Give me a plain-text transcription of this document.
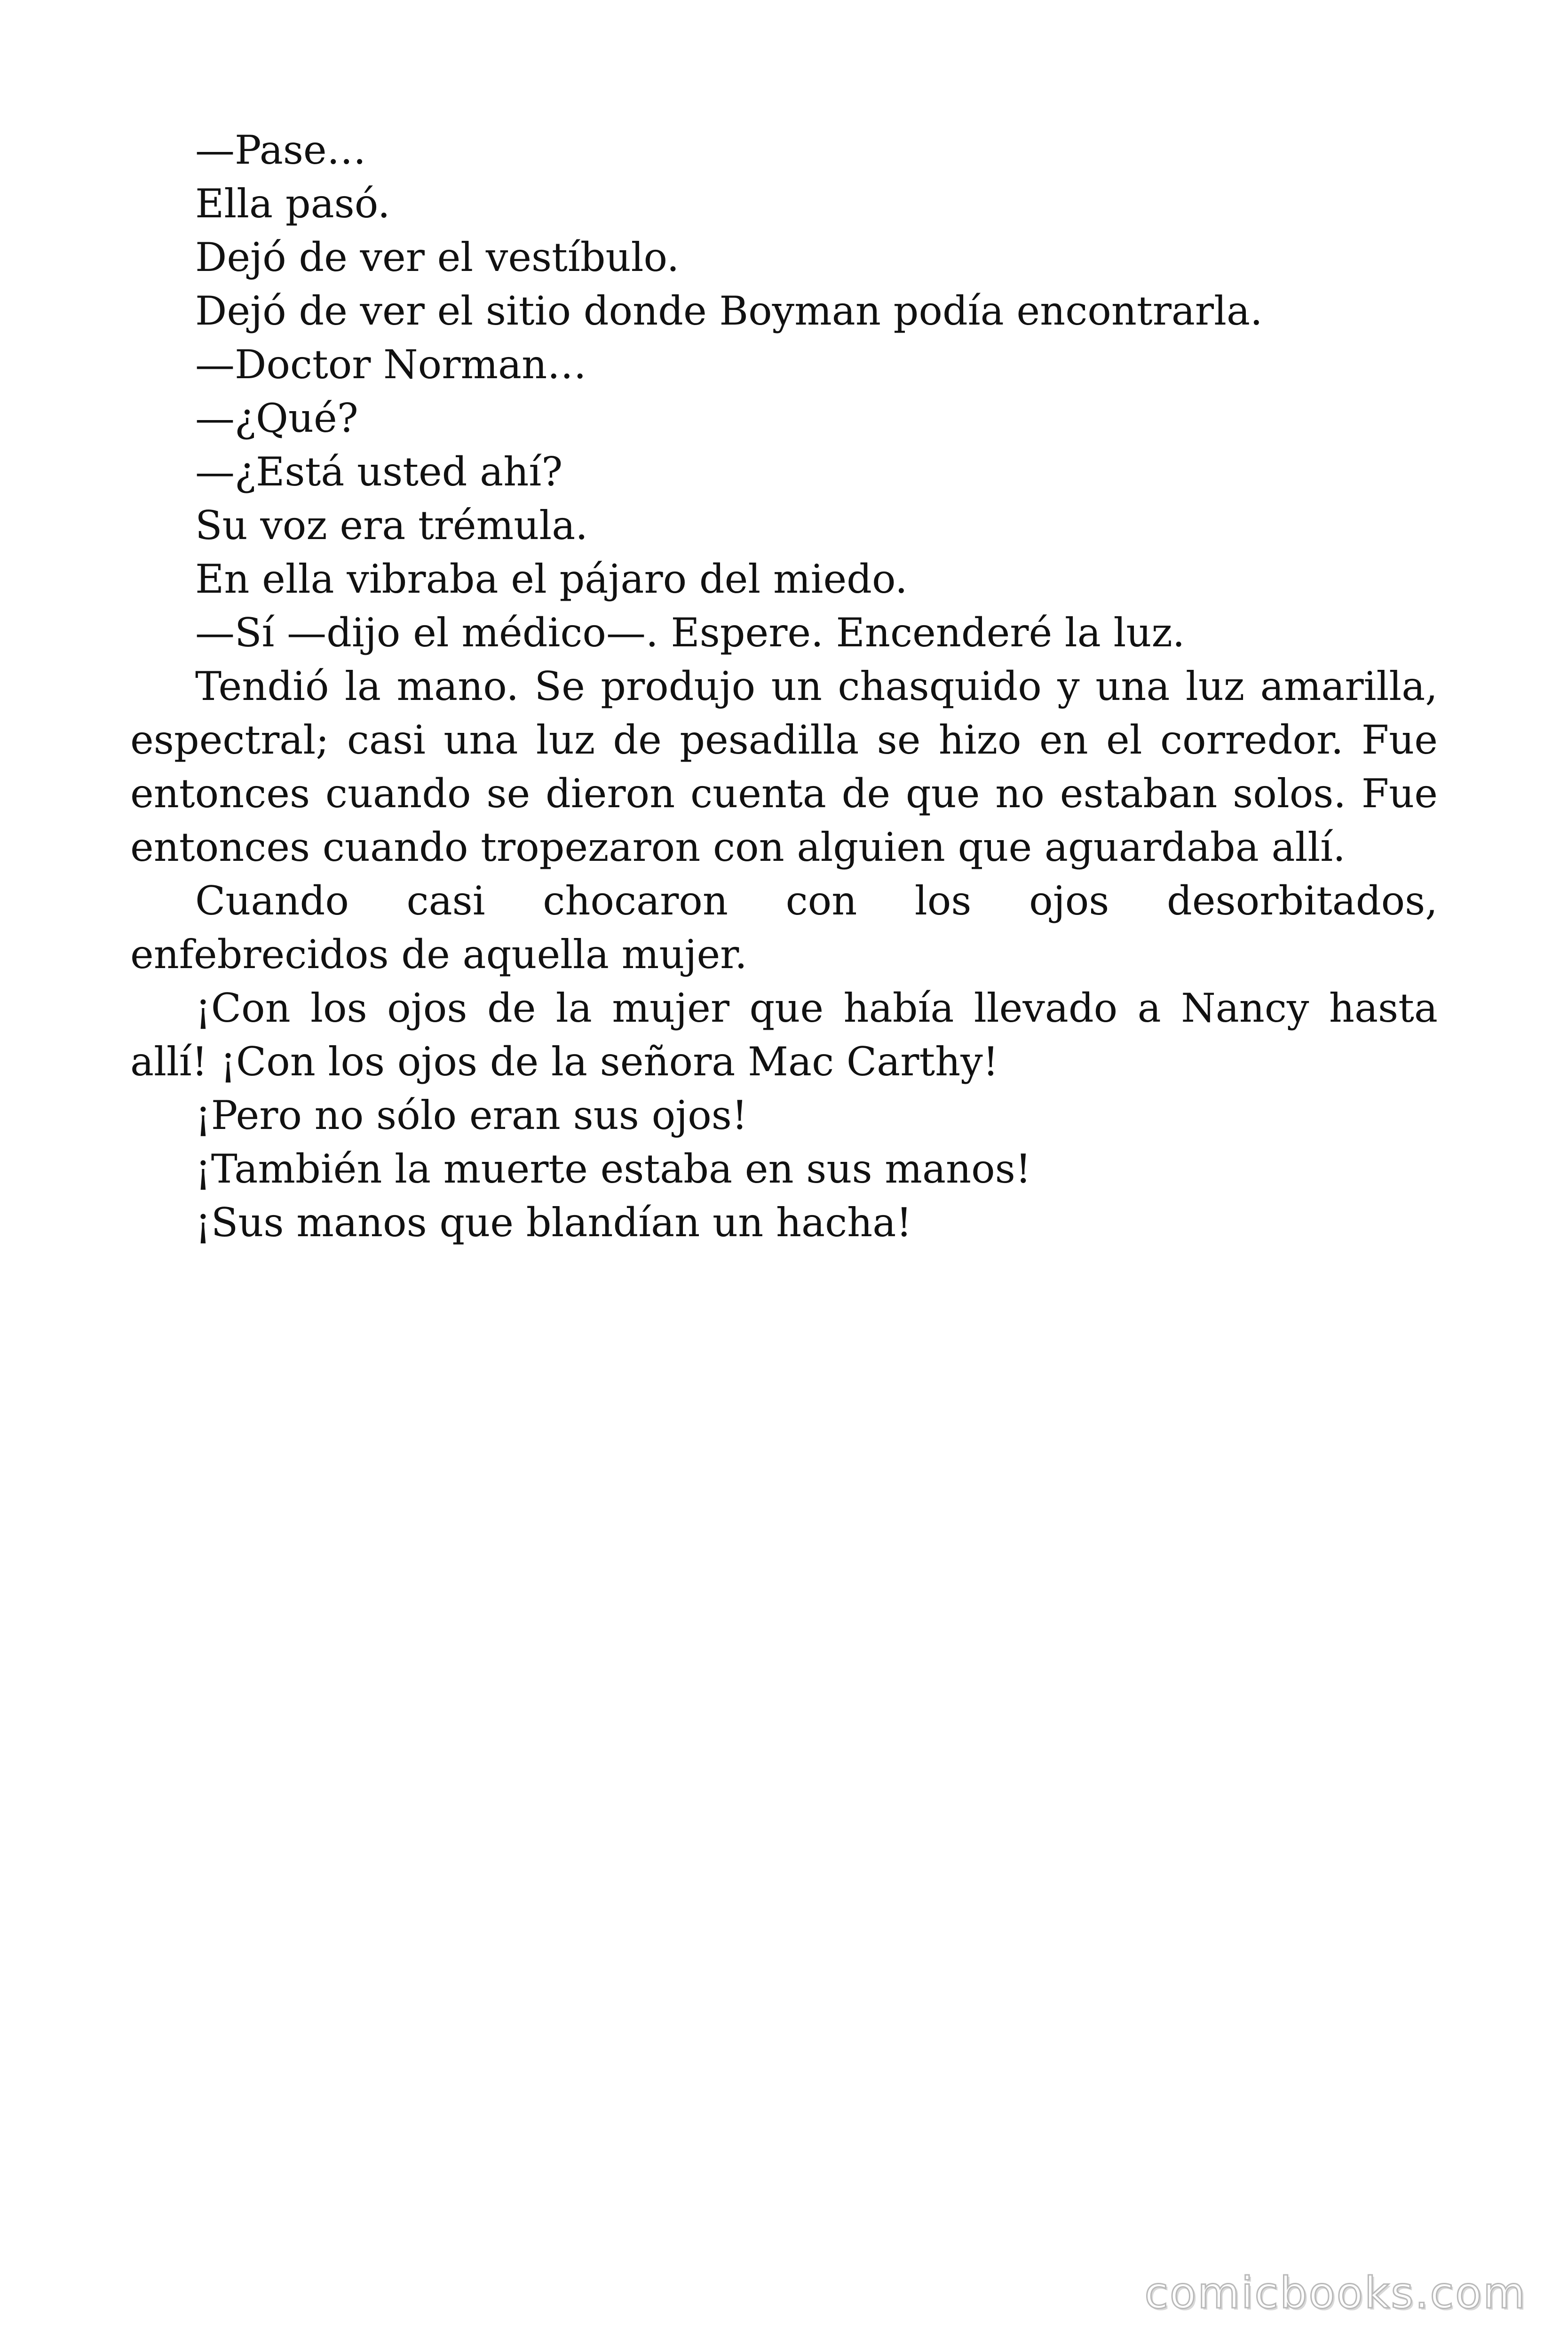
—Pase…

Ella pasó.

Dejó de ver el vestíbulo.

Dejó de ver el sitio donde Boyman podía encontrarla.

—Doctor Norman…

—¿Qué?

—¿Está usted ahí?

Su voz era trémula.

En ella vibraba el pájaro del miedo.

—Sí —dijo el médico—. Espere. Encenderé la luz.

Tendió la mano. Se produjo un chasquido y una luz amarilla, espectral; casi una luz de pesadilla se hizo en el corredor. Fue entonces cuando se dieron cuenta de que no estaban solos. Fue entonces cuando tropezaron con alguien que aguardaba allí.

Cuando casi chocaron con los ojos desorbitados, enfebrecidos de aquella mujer.

¡Con los ojos de la mujer que había llevado a Nancy hasta allí! ¡Con los ojos de la señora Mac Carthy!

¡Pero no sólo eran sus ojos!

¡También la muerte estaba en sus manos!

¡Sus manos que blandían un hacha!

comicbooks.com
